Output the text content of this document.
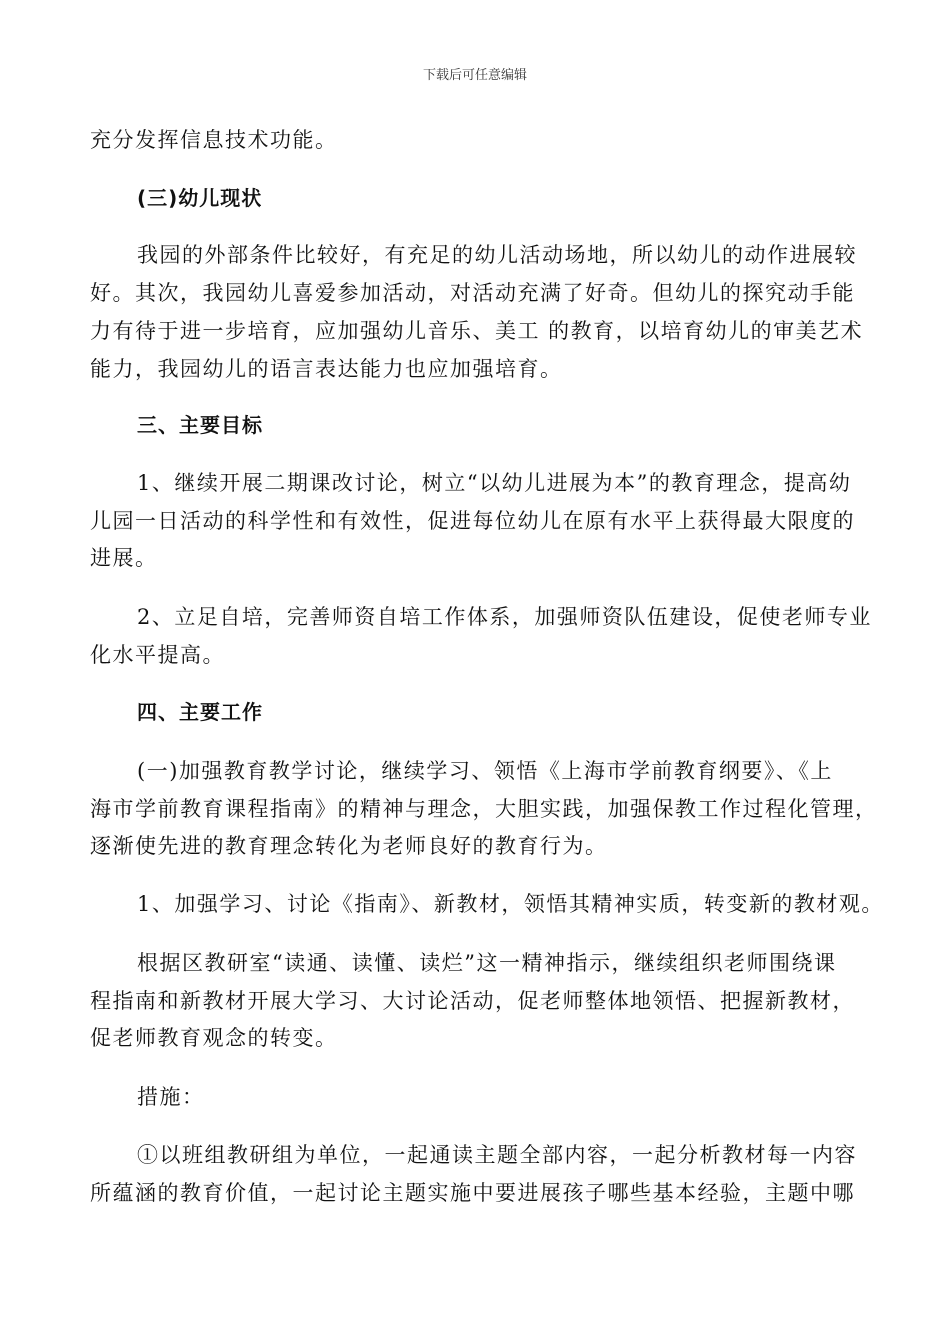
下载后可任意编辑
充分发挥信息技术功能。
(三)幼儿现状
我园的外部条件比较好，有充足的幼儿活动场地，所以幼儿的动作进展较
好。其次，我园幼儿喜爱参加活动，对活动充满了好奇。但幼儿的探究动手能
力有待于进一步培育，应加强幼儿音乐、美工 的教育，以培育幼儿的审美艺术
能力，我园幼儿的语言表达能力也应加强培育。
三、主要目标
1、继续开展二期课改讨论，树立“以幼儿进展为本”的教育理念，提高幼
儿园一日活动的科学性和有效性，促进每位幼儿在原有水平上获得最大限度的
进展。
2、立足自培，完善师资自培工作体系，加强师资队伍建设，促使老师专业
化水平提高。
四、主要工作
(一)加强教育教学讨论，继续学习、领悟《上海市学前教育纲要》、《上
海市学前教育课程指南》的精神与理念，大胆实践，加强保教工作过程化管理，
逐渐使先进的教育理念转化为老师良好的教育行为。
1、加强学习、讨论《指南》、新教材，领悟其精神实质，转变新的教材观。
根据区教研室“读通、读懂、读烂”这一精神指示，继续组织老师围绕课
程指南和新教材开展大学习、大讨论活动，促老师整体地领悟、把握新教材，
促老师教育观念的转变。
措施：
①以班组教研组为单位，一起通读主题全部内容，一起分析教材每一内容
所蕴涵的教育价值，一起讨论主题实施中要进展孩子哪些基本经验，主题中哪
